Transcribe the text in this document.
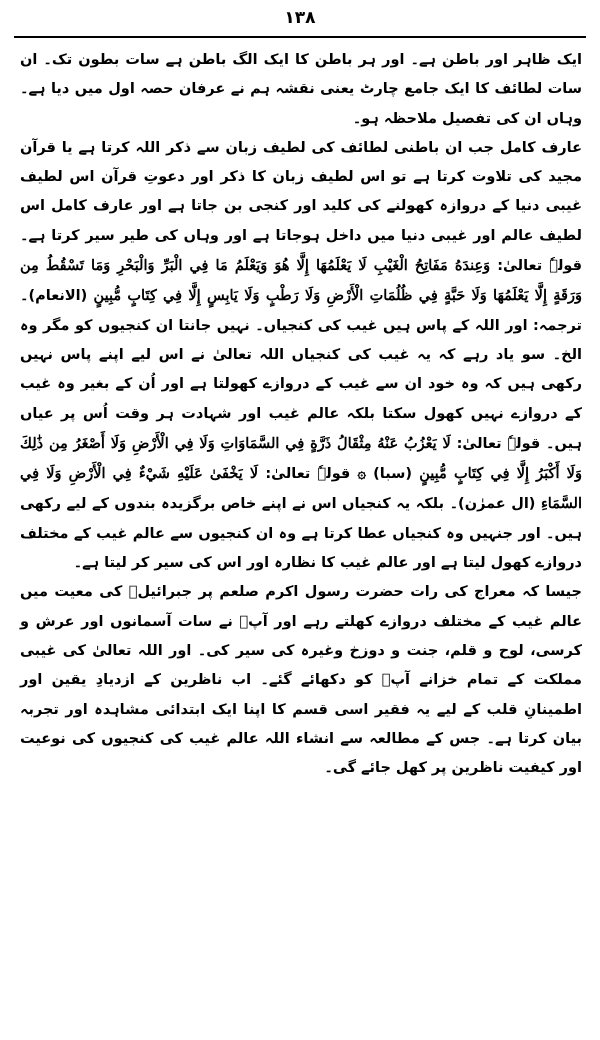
۱۳۸

ایک ظاہر اور باطن ہے۔ اور ہر باطن کا ایک الگ باطن ہے سات بطون تک۔ ان سات لطائف کا ایک جامع چارٹ یعنی نقشہ ہم نے عرفان حصہ اول میں دیا ہے۔ وہاں ان کی تفصیل ملاحظہ ہو۔

عارف کامل جب ان باطنی لطائف کی لطیف زبان سے ذکر اللہ کرتا ہے یا قرآن مجید کی تلاوت کرتا ہے تو اس لطیف زبان کا ذکر اور دعوتِ قرآن اس لطیف غیبی دنیا کے دروازہ کھولنے کی کلید اور کنجی بن جاتا ہے اور عارف کامل اس لطیف عالم اور غیبی دنیا میں داخل ہوجاتا ہے اور وہاں کی طیر سیر کرتا ہے۔ قولہٗ تعالیٰ: وَعِندَهُ مَفَاتِحُ الْغَيْبِ لَا يَعْلَمُهَا إِلَّا هُوَ وَيَعْلَمُ مَا فِي الْبَرِّ وَالْبَحْرِ وَمَا تَسْقُطُ مِن وَرَقَةٍ إِلَّا يَعْلَمُهَا وَلَا حَبَّةٍ فِي ظُلُمَاتِ الْأَرْضِ وَلَا رَطْبٍ وَلَا يَابِسٍ إِلَّا فِي كِتَابٍ مُّبِينٍ (الانعام)۔ ترجمہ: اور اللہ کے پاس ہیں غیب کی کنجیاں۔ نہیں جانتا ان کنجیوں کو مگر وہ الخ۔ سو یاد رہے کہ یہ غیب کی کنجیاں اللہ تعالیٰ نے اس لیے اپنے پاس نہیں رکھی ہیں کہ وہ خود ان سے غیب کے دروازے کھولتا ہے اور اُن کے بغیر وہ غیب کے دروازے نہیں کھول سکتا بلکہ عالم غیب اور شہادت ہر وقت اُس پر عیاں ہیں۔ قولہٗ تعالیٰ: لَا يَعْزُبُ عَنْهُ مِثْقَالُ ذَرَّةٍ فِي السَّمَاوَاتِ وَلَا فِي الْأَرْضِ وَلَا أَصْغَرُ مِن ذَٰلِكَ وَلَا أَكْبَرُ إِلَّا فِي كِتَابٍ مُّبِينٍ (سبا) ۞ قولہٗ تعالیٰ: لَا يَخْفَىٰ عَلَيْهِ شَيْءٌ فِي الْأَرْضِ وَلَا فِي السَّمَاءِ (ال عمرٰن)۔ بلکہ یہ کنجیاں اس نے اپنے خاص برگزیدہ بندوں کے لیے رکھی ہیں۔ اور جنہیں وہ کنجیاں عطا کرتا ہے وہ ان کنجیوں سے عالم غیب کے مختلف دروازے کھول لیتا ہے اور عالم غیب کا نظارہ اور اس کی سیر کر لیتا ہے۔

جیسا کہ معراج کی رات حضرت رسول اکرم صلعم پر جبرائیلؑ کی معیت میں عالم غیب کے مختلف دروازے کھلتے رہے اور آپؐ نے سات آسمانوں اور عرش و کرسی، لوح و قلم، جنت و دوزخ وغیرہ کی سیر کی۔ اور اللہ تعالیٰ کی غیبی مملکت کے تمام خزانے آپؐ کو دکھائے گئے۔ اب ناظرین کے ازدیادِ یقین اور اطمینانِ قلب کے لیے یہ فقیر اسی قسم کا اپنا ایک ابتدائی مشاہدہ اور تجربہ بیان کرتا ہے۔ جس کے مطالعہ سے انشاء اللہ عالم غیب کی کنجیوں کی نوعیت اور کیفیت ناظرین پر کھل جائے گی۔
